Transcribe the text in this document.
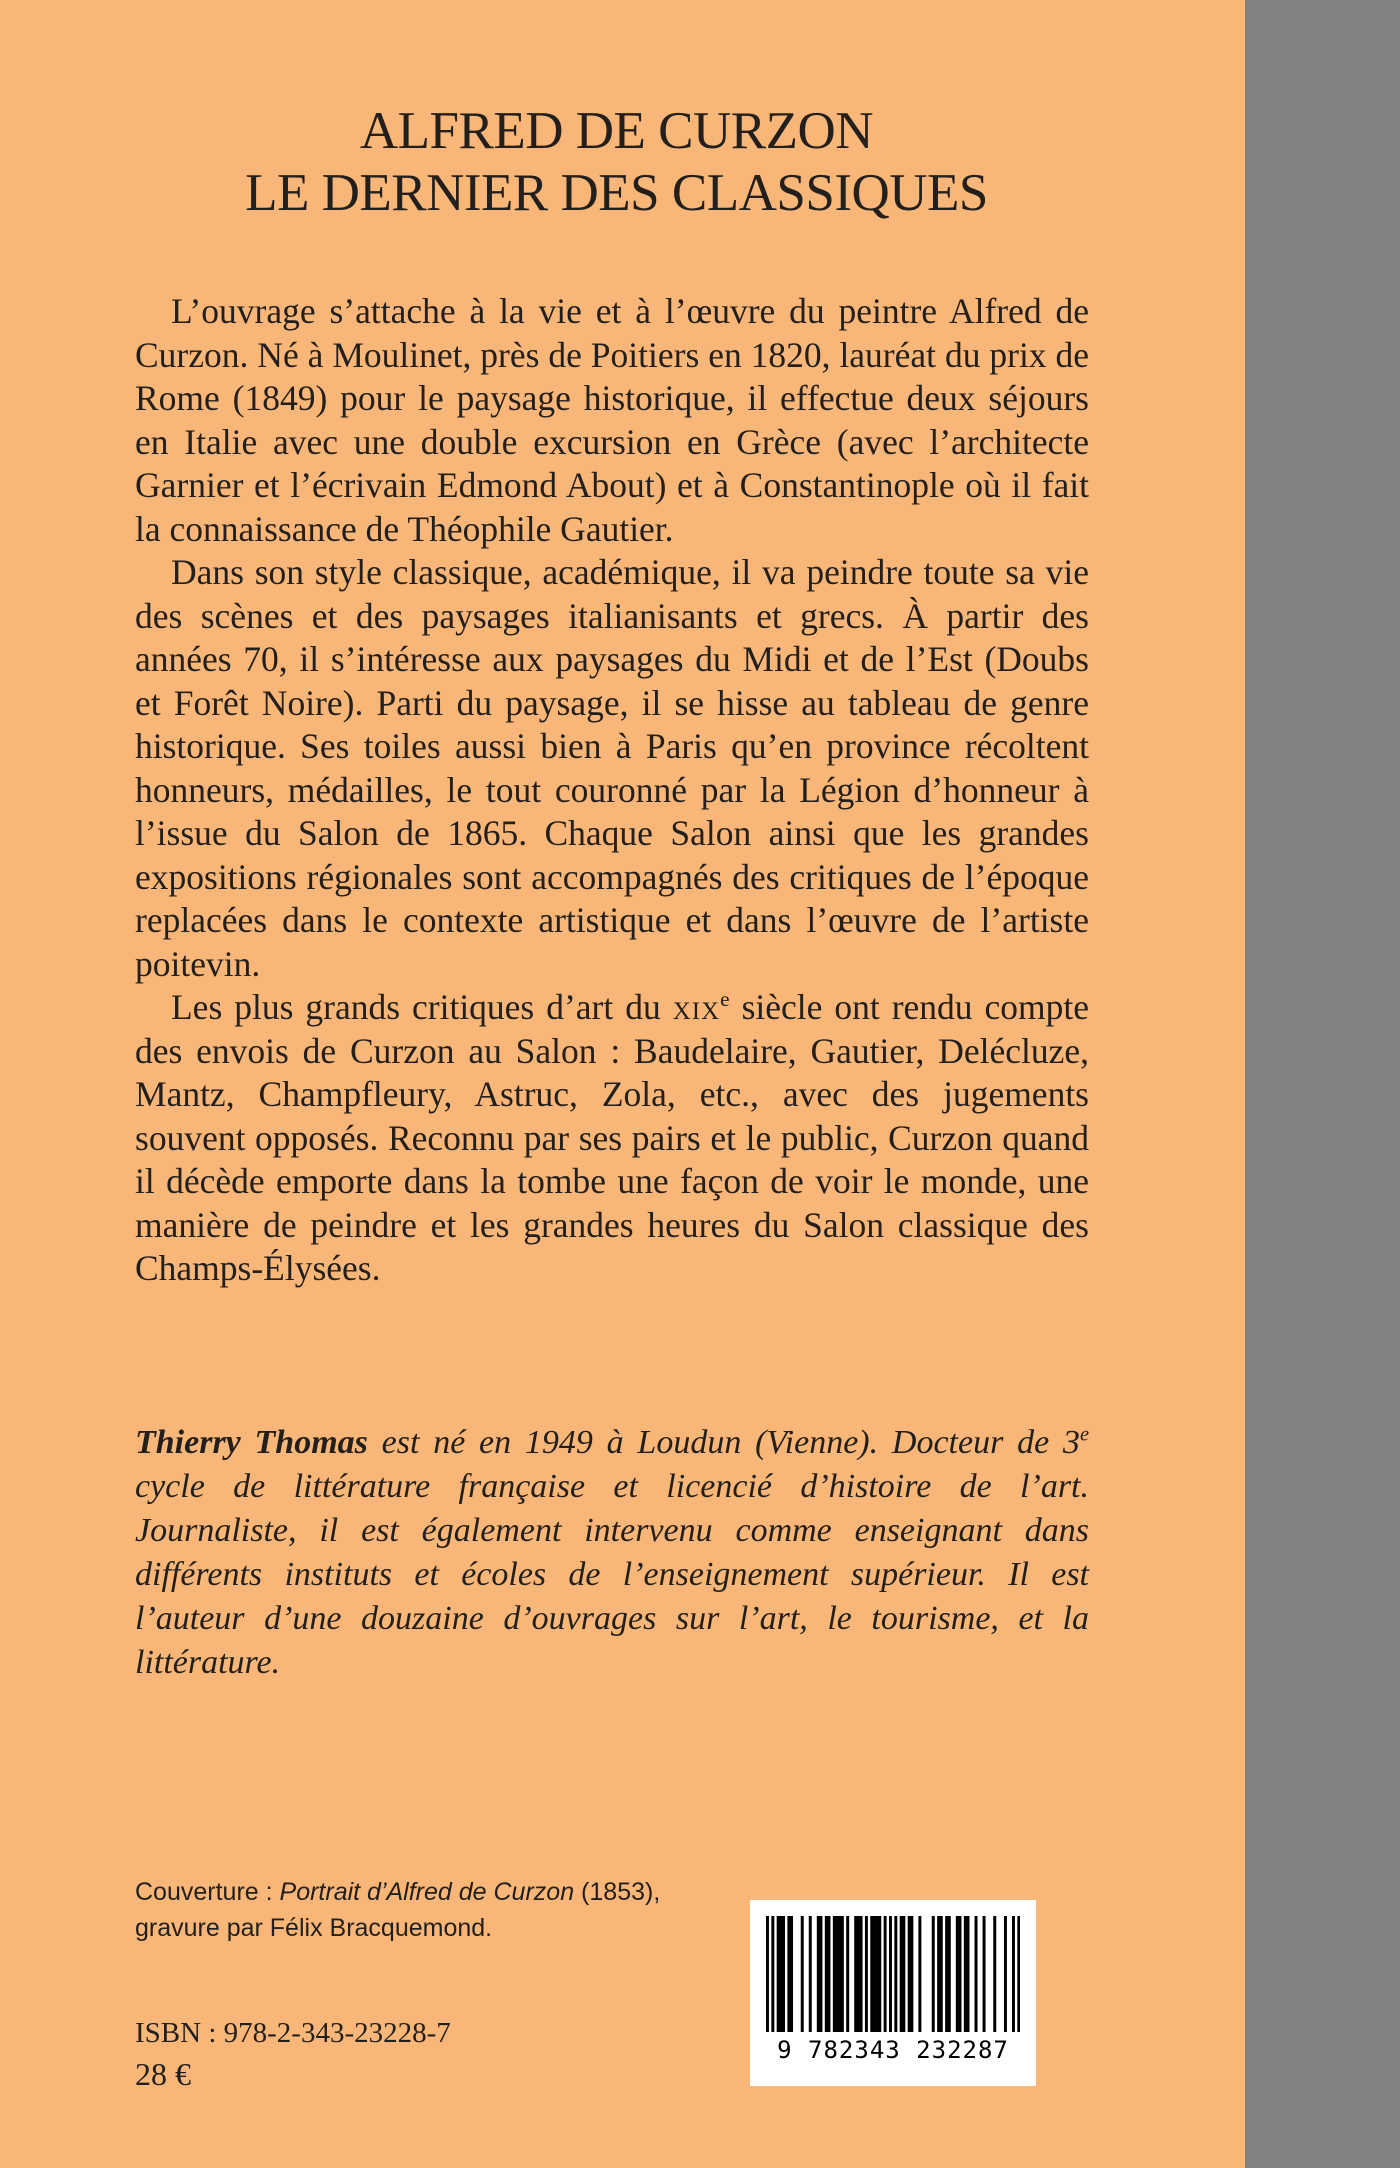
ALFRED DE CURZON
LE DERNIER DES CLASSIQUES

L’ouvrage s’attache à la vie et à l’œuvre du peintre Alfred de Curzon. Né à Moulinet, près de Poitiers en 1820, lauréat du prix de Rome (1849) pour le paysage historique, il effectue deux séjours en Italie avec une double excursion en Grèce (avec l’architecte Garnier et l’écrivain Edmond About) et à Constantinople où il fait la connaissance de Théophile Gautier.

Dans son style classique, académique, il va peindre toute sa vie des scènes et des paysages italianisants et grecs. À partir des années 70, il s’intéresse aux paysages du Midi et de l’Est (Doubs et Forêt Noire). Parti du paysage, il se hisse au tableau de genre historique. Ses toiles aussi bien à Paris qu’en province récoltent honneurs, médailles, le tout couronné par la Légion d’honneur à l’issue du Salon de 1865. Chaque Salon ainsi que les grandes expositions régionales sont accompagnés des critiques de l’époque replacées dans le contexte artistique et dans l’œuvre de l’artiste poitevin.

Les plus grands critiques d’art du xix$^e$ siècle ont rendu compte des envois de Curzon au Salon : Baudelaire, Gautier, Delécluze, Mantz, Champfleury, Astruc, Zola, etc., avec des jugements souvent opposés. Reconnu par ses pairs et le public, Curzon quand il décède emporte dans la tombe une façon de voir le monde, une manière de peindre et les grandes heures du Salon classique des Champs-Élysées.

Thierry Thomas est né en 1949 à Loudun (Vienne). Docteur de 3e cycle de littérature française et licencié d’histoire de l’art. Journaliste, il est également intervenu comme enseignant dans différents instituts et écoles de l’enseignement supérieur. Il est l’auteur d’une douzaine d’ouvrages sur l’art, le tourisme, et la littérature.
Couverture : Portrait d’Alfred de Curzon (1853),
gravure par Félix Bracquemond.
ISBN : 978-2-343-23228-7
28 €
9 782343 232287
